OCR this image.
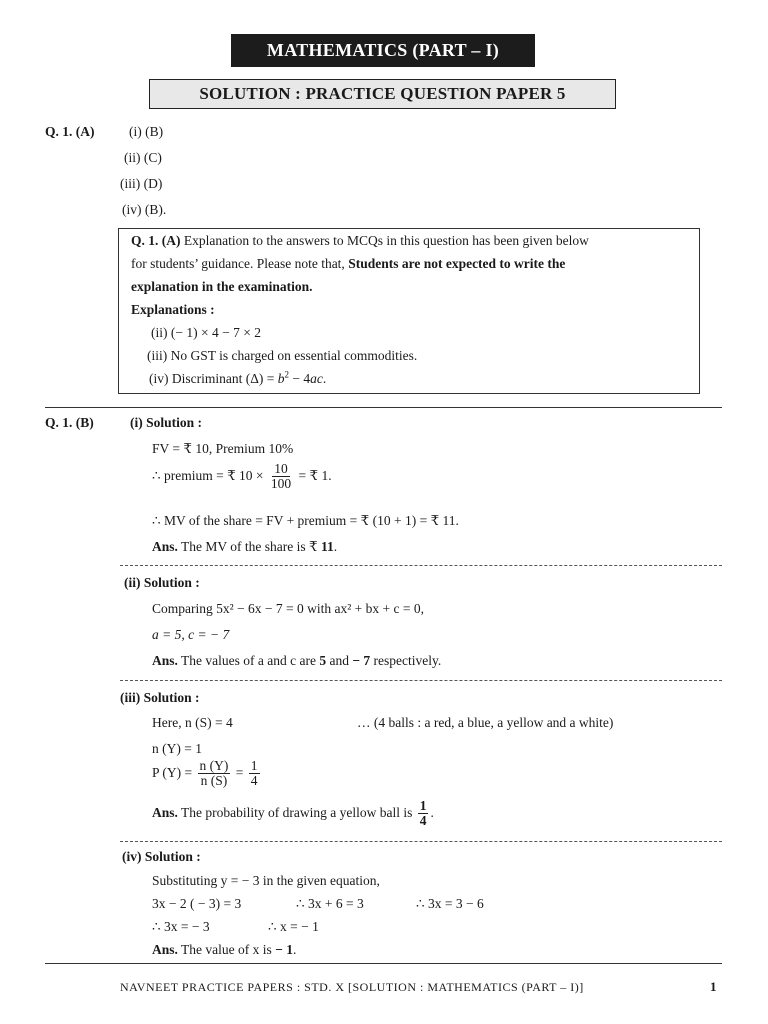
MATHEMATICS (PART – I)
SOLUTION : PRACTICE QUESTION PAPER 5
Q. 1. (A)	(i) (B)
(ii) (C)
(iii) (D)
(iv) (B).
Q. 1. (A) Explanation to the answers to MCQs in this question has been given below
for students’ guidance. Please note that, Students are not expected to write the
explanation in the examination.
Explanations :
(ii) (− 1) × 4 − 7 × 2
(iii) No GST is charged on essential commodities.
(iv) Discriminant $(\Delta) = b^2 - 4ac$.
Q. 1. (B)	(i) Solution :
FV = ₹ 10, Premium 10%
∴ premium = ₹ $10 \times \frac{10}{100}$ = ₹ 1.
∴ MV of the share = FV + premium = ₹ (10 + 1) = ₹ 11.
Ans. The MV of the share is ₹ 11.
(ii) Solution :
Comparing 5x² − 6x − 7 = 0 with ax² + bx + c = 0,
a = 5, c = − 7
Ans. The values of a and c are 5 and − 7 respectively.
(iii) Solution :
Here, n (S) = 4	… (4 balls : a red, a blue, a yellow and a white)
n (Y) = 1
P $(Y) = \frac{n (Y)}{n (S)} = \frac{1}{4}$
Ans. The probability of drawing a yellow ball is $\frac{1}{4}$ .
(iv) Solution :
Substituting y = − 3 in the given equation,
3x − 2 ( − 3) = 3	∴ 3x + 6 = 3	∴ 3x = 3 − 6
∴ 3x = − 3	∴ x = − 1
Ans. The value of x is − 1.
NAVNEET PRACTICE PAPERS : STD. X [SOLUTION : MATHEMATICS (PART – I)]	1
